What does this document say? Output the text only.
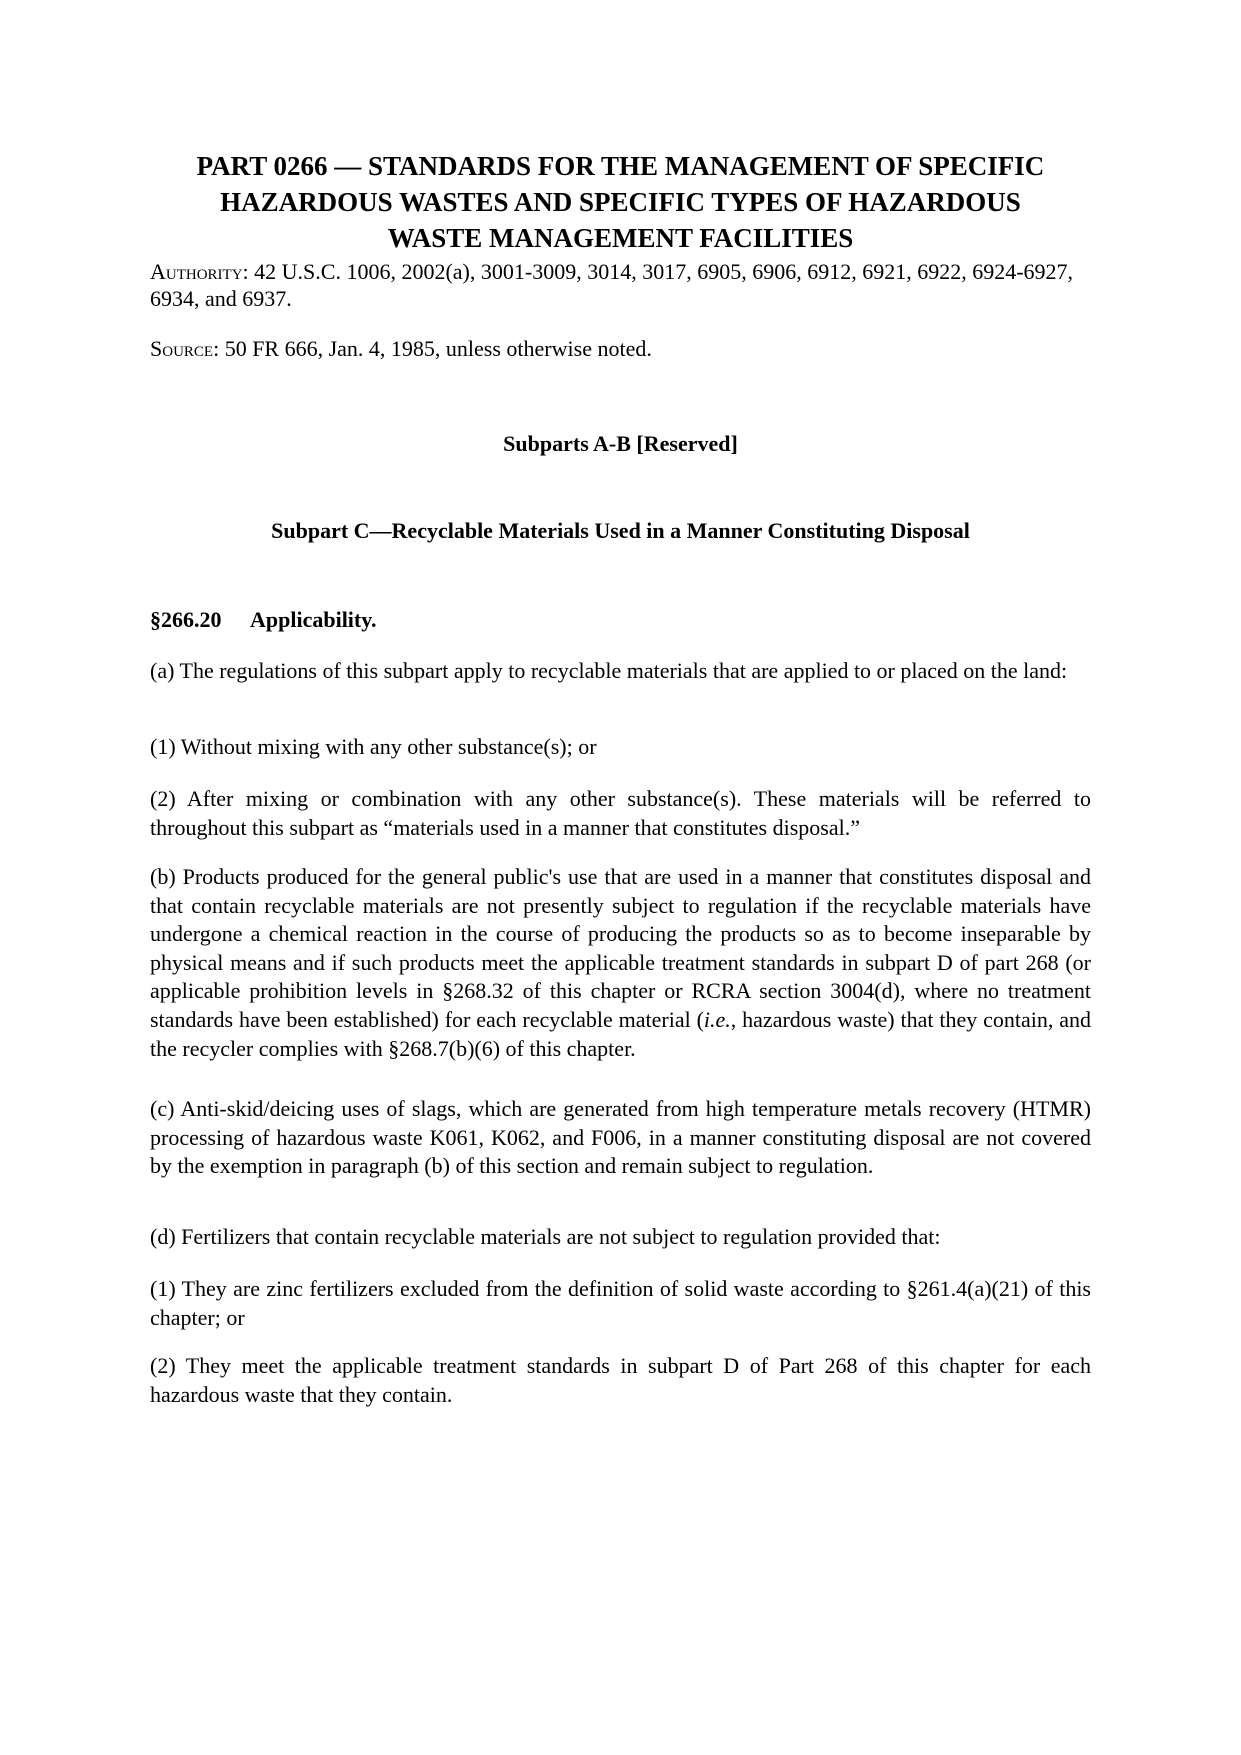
PART 0266 — STANDARDS FOR THE MANAGEMENT OF SPECIFIC
HAZARDOUS WASTES AND SPECIFIC TYPES OF HAZARDOUS
WASTE MANAGEMENT FACILITIES

Authority: 42 U.S.C. 1006, 2002(a), 3001-3009, 3014, 3017, 6905, 6906, 6912, 6921, 6922, 6924-6927, 6934, and 6937.

Source: 50 FR 666, Jan. 4, 1985, unless otherwise noted.

Subparts A-B [Reserved]
Subpart C—Recyclable Materials Used in a Manner Constituting Disposal
§266.20 Applicability.

(a) The regulations of this subpart apply to recyclable materials that are applied to or placed on the land:

(1) Without mixing with any other substance(s); or

(2) After mixing or combination with any other substance(s). These materials will be referred to throughout this subpart as “materials used in a manner that constitutes disposal.”

(b) Products produced for the general public's use that are used in a manner that constitutes disposal and that contain recyclable materials are not presently subject to regulation if the recyclable materials have undergone a chemical reaction in the course of producing the products so as to become inseparable by physical means and if such products meet the applicable treatment standards in subpart D of part 268 (or applicable prohibition levels in §268.32 of this chapter or RCRA section 3004(d), where no treatment standards have been established) for each recyclable material (i.e., hazardous waste) that they contain, and the recycler complies with §268.7(b)(6) of this chapter.

(c) Anti-skid/deicing uses of slags, which are generated from high temperature metals recovery (HTMR) processing of hazardous waste K061, K062, and F006, in a manner constituting disposal are not covered by the exemption in paragraph (b) of this section and remain subject to regulation.

(d) Fertilizers that contain recyclable materials are not subject to regulation provided that:

(1) They are zinc fertilizers excluded from the definition of solid waste according to §261.4(a)(21) of this chapter; or

(2) They meet the applicable treatment standards in subpart D of Part 268 of this chapter for each hazardous waste that they contain.
